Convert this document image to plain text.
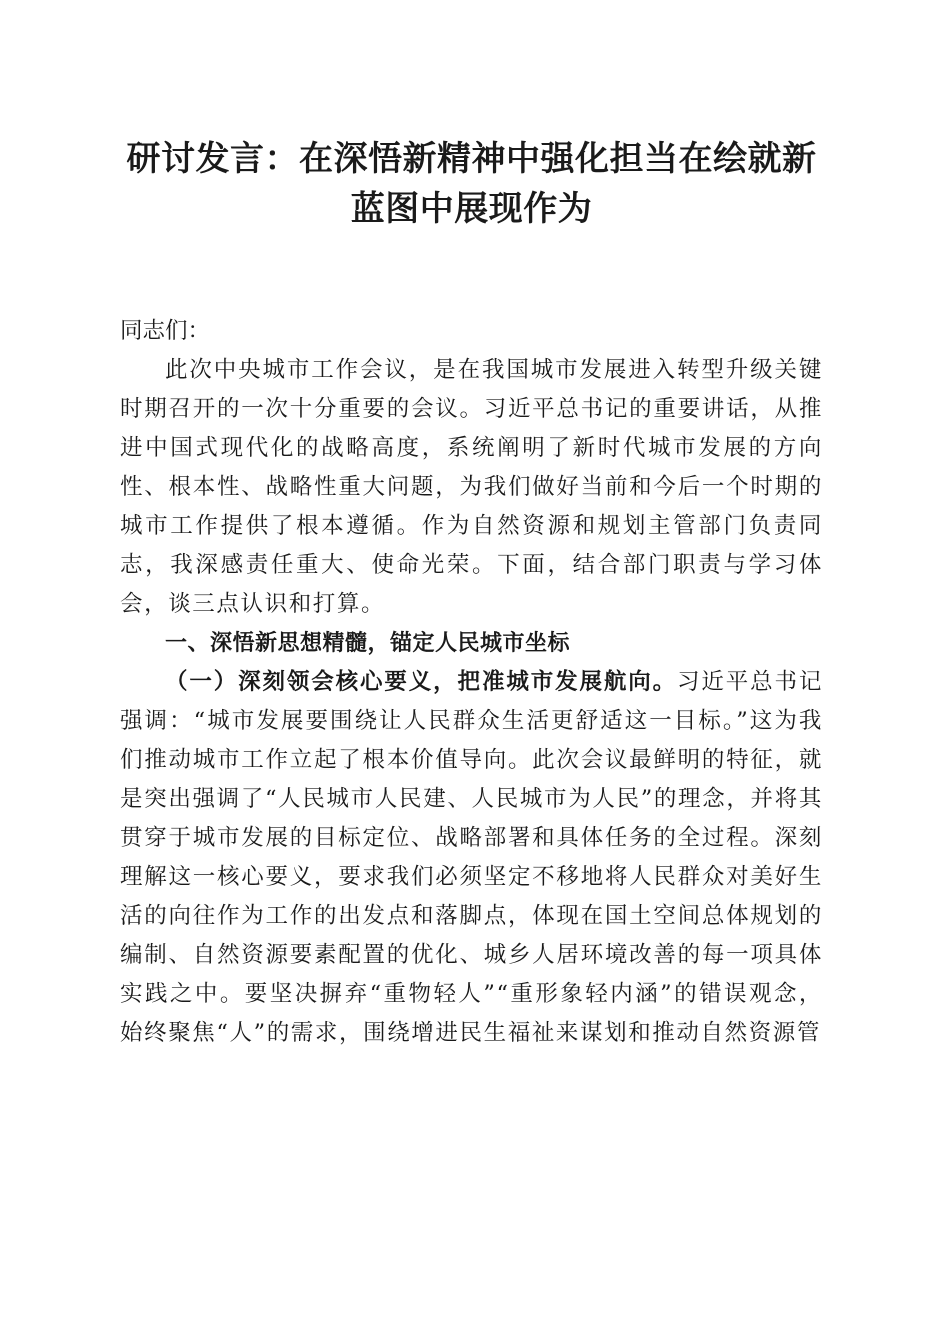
研讨发言：在深悟新精神中强化担当在绘就新
蓝图中展现作为

同志们：

此次中央城市工作会议，是在我国城市发展进入转型升级关键时期召开的一次十分重要的会议。习近平总书记的重要讲话，从推进中国式现代化的战略高度，系统阐明了新时代城市发展的方向性、根本性、战略性重大问题，为我们做好当前和今后一个时期的城市工作提供了根本遵循。作为自然资源和规划主管部门负责同志，我深感责任重大、使命光荣。下面，结合部门职责与学习体会，谈三点认识和打算。

一、深悟新思想精髓，锚定人民城市坐标

（一）深刻领会核心要义，把准城市发展航向。习近平总书记强调：“城市发展要围绕让人民群众生活更舒适这一目标。”这为我们推动城市工作立起了根本价值导向。此次会议最鲜明的特征，就是突出强调了“人民城市人民建、人民城市为人民”的理念，并将其贯穿于城市发展的目标定位、战略部署和具体任务的全过程。深刻理解这一核心要义，要求我们必须坚定不移地将人民群众对美好生活的向往作为工作的出发点和落脚点，体现在国土空间总体规划的编制、自然资源要素配置的优化、城乡人居环境改善的每一项具体实践之中。要坚决摒弃“重物轻人”“重形象轻内涵”的错误观念，始终聚焦“人”的需求，围绕增进民生福祉来谋划和推动自然资源管
